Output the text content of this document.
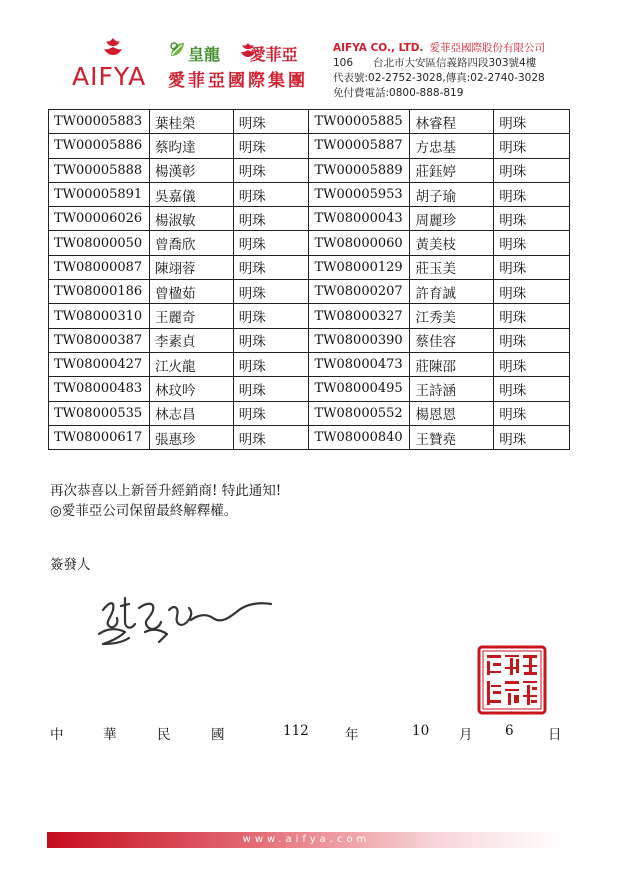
AIFYA
皇龍 愛菲亞
愛菲亞國際集團
AIFYA CO., LTD. 愛菲亞國際股份有限公司
106 台北市大安區信義路四段303號4樓
代表號:02-2752-3028,傳真:02-2740-3028
免付費電話:0800-888-819
TW00005883	葉桂榮	明珠	TW00005885	林睿程	明珠
TW00005886	蔡昀達	明珠	TW00005887	方忠基	明珠
TW00005888	楊漢彰	明珠	TW00005889	莊鈺婷	明珠
TW00005891	吳嘉儀	明珠	TW00005953	胡子瑜	明珠
TW00006026	楊淑敏	明珠	TW08000043	周麗珍	明珠
TW08000050	曾喬欣	明珠	TW08000060	黃美枝	明珠
TW08000087	陳翊蓉	明珠	TW08000129	莊玉美	明珠
TW08000186	曾楹茹	明珠	TW08000207	許育誠	明珠
TW08000310	王麗奇	明珠	TW08000327	江秀美	明珠
TW08000387	李素貞	明珠	TW08000390	蔡佳容	明珠
TW08000427	江火龍	明珠	TW08000473	莊陳邵	明珠
TW08000483	林玟吟	明珠	TW08000495	王詩涵	明珠
TW08000535	林志昌	明珠	TW08000552	楊恩恩	明珠
TW08000617	張惠珍	明珠	TW08000840	王贊堯	明珠
再次恭喜以上新晉升經銷商! 特此通知!
◎愛菲亞公司保留最終解釋權。
簽發人
中	華	民	國	112	年	10 月 6	日
www.aifya.com
